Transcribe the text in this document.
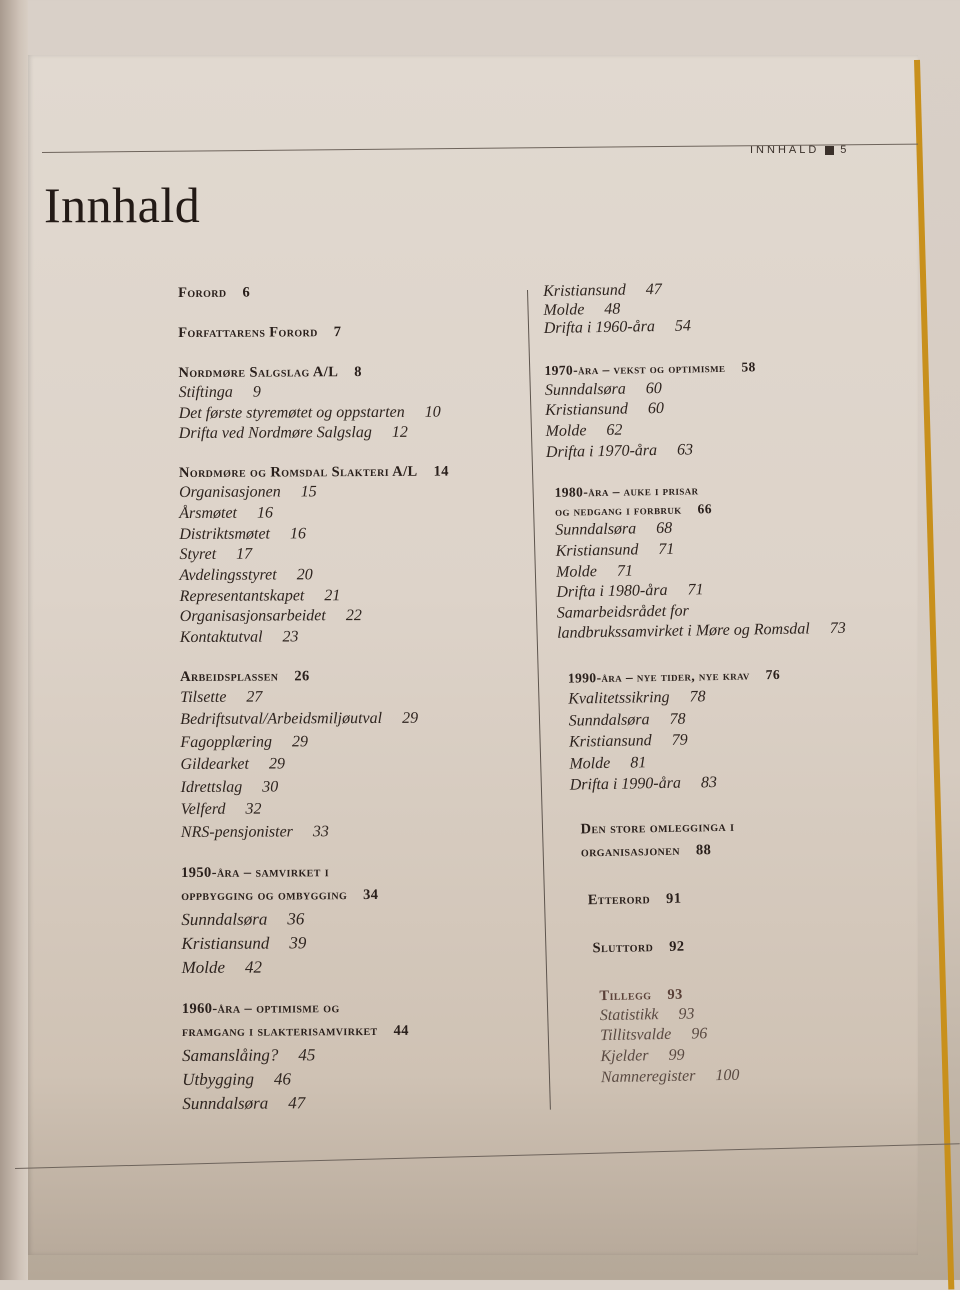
INNHALD 5
Innhald
Forord 6
Forfattarens Forord 7
Nordmøre Salgslag A/L 8
Stiftinga 9
Det første styremøtet og oppstarten 10
Drifta ved Nordmøre Salgslag 12
Nordmøre og Romsdal Slakteri A/L 14
Organisasjonen 15
Årsmøtet 16
Distriktsmøtet 16
Styret 17
Avdelingsstyret 20
Representantskapet 21
Organisasjonsarbeidet 22
Kontaktutval 23
Arbeidsplassen 26
Tilsette 27
Bedriftsutval/Arbeidsmiljøutval 29
Fagopplæring 29
Gildearket 29
Idrettslag 30
Velferd 32
NRS-pensjonister 33
1950-åra – samvirket i
oppbygging og ombygging 34
Sunndalsøra 36
Kristiansund 39
Molde 42
1960-åra – optimisme og
framgang i slakterisamvirket 44
Samanslåing? 45
Utbygging 46
Sunndalsøra 47
Kristiansund 47
Molde 48
Drifta i 1960-åra 54
1970-åra – vekst og optimisme 58
Sunndalsøra 60
Kristiansund 60
Molde 62
Drifta i 1970-åra 63
1980-åra – auke i prisar
og nedgang i forbruk 66
Sunndalsøra 68
Kristiansund 71
Molde 71
Drifta i 1980-åra 71
Samarbeidsrådet for
landbrukssamvirket i Møre og Romsdal 73
1990-åra – nye tider, nye krav 76
Kvalitetssikring 78
Sunndalsøra 78
Kristiansund 79
Molde 81
Drifta i 1990-åra 83
Den store omlegginga i
organisasjonen 88
Etterord 91
Sluttord 92
Tillegg 93
Statistikk 93
Tillitsvalde 96
Kjelder 99
Namneregister 100
